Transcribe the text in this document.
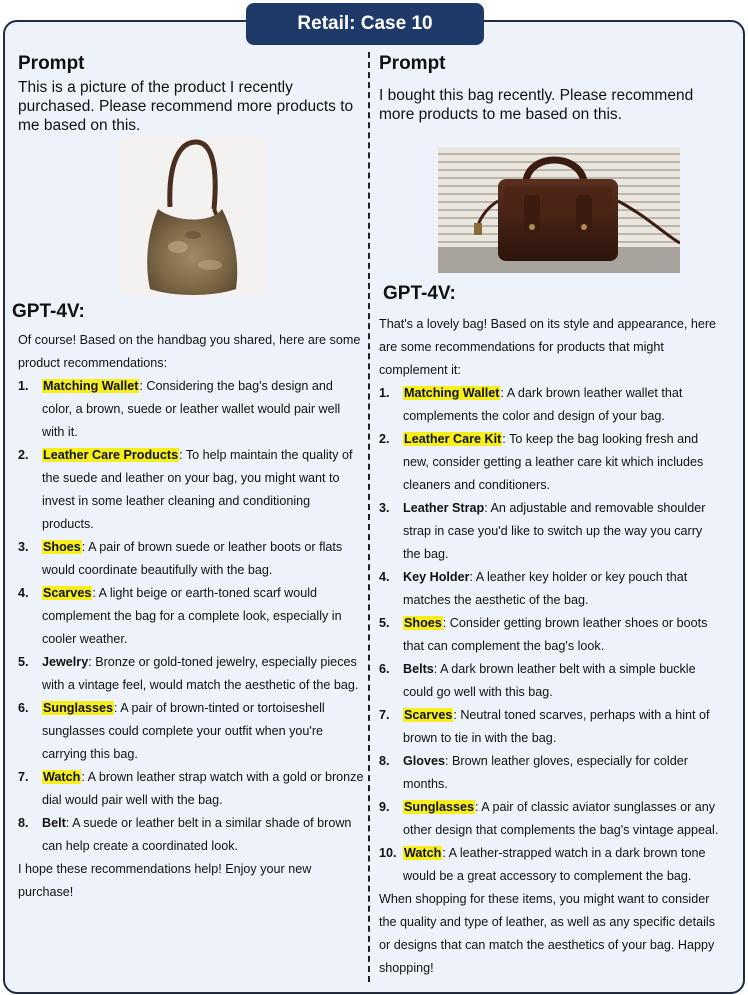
Retail: Case 10
Prompt

This is a picture of the product I recently purchased. Please recommend more products to me based on this.

GPT-4V:

Of course! Based on the handbag you shared, here are some product recommendations:

1. Matching Wallet: Considering the bag's design and color, a brown, suede or leather wallet would pair well with it.
2. Leather Care Products: To help maintain the quality of the suede and leather on your bag, you might want to invest in some leather cleaning and conditioning products.
3. Shoes: A pair of brown suede or leather boots or flats would coordinate beautifully with the bag.
4. Scarves: A light beige or earth-toned scarf would complement the bag for a complete look, especially in cooler weather.
5. Jewelry: Bronze or gold-toned jewelry, especially pieces with a vintage feel, would match the aesthetic of the bag.
6. Sunglasses: A pair of brown-tinted or tortoiseshell sunglasses could complete your outfit when you're carrying this bag.
7. Watch: A brown leather strap watch with a gold or bronze dial would pair well with the bag.
8. Belt: A suede or leather belt in a similar shade of brown can help create a coordinated look.

I hope these recommendations help! Enjoy your new purchase!

Prompt

I bought this bag recently. Please recommend more products to me based on this.

GPT-4V:

That's a lovely bag! Based on its style and appearance, here are some recommendations for products that might complement it:

1. Matching Wallet: A dark brown leather wallet that complements the color and design of your bag.
2. Leather Care Kit: To keep the bag looking fresh and new, consider getting a leather care kit which includes cleaners and conditioners.
3. Leather Strap: An adjustable and removable shoulder strap in case you'd like to switch up the way you carry the bag.
4. Key Holder: A leather key holder or key pouch that matches the aesthetic of the bag.
5. Shoes: Consider getting brown leather shoes or boots that can complement the bag's look.
6. Belts: A dark brown leather belt with a simple buckle could go well with this bag.
7. Scarves: Neutral toned scarves, perhaps with a hint of brown to tie in with the bag.
8. Gloves: Brown leather gloves, especially for colder months.
9. Sunglasses: A pair of classic aviator sunglasses or any other design that complements the bag's vintage appeal.
10. Watch: A leather-strapped watch in a dark brown tone would be a great accessory to complement the bag.

When shopping for these items, you might want to consider the quality and type of leather, as well as any specific details or designs that can match the aesthetics of your bag. Happy shopping!
